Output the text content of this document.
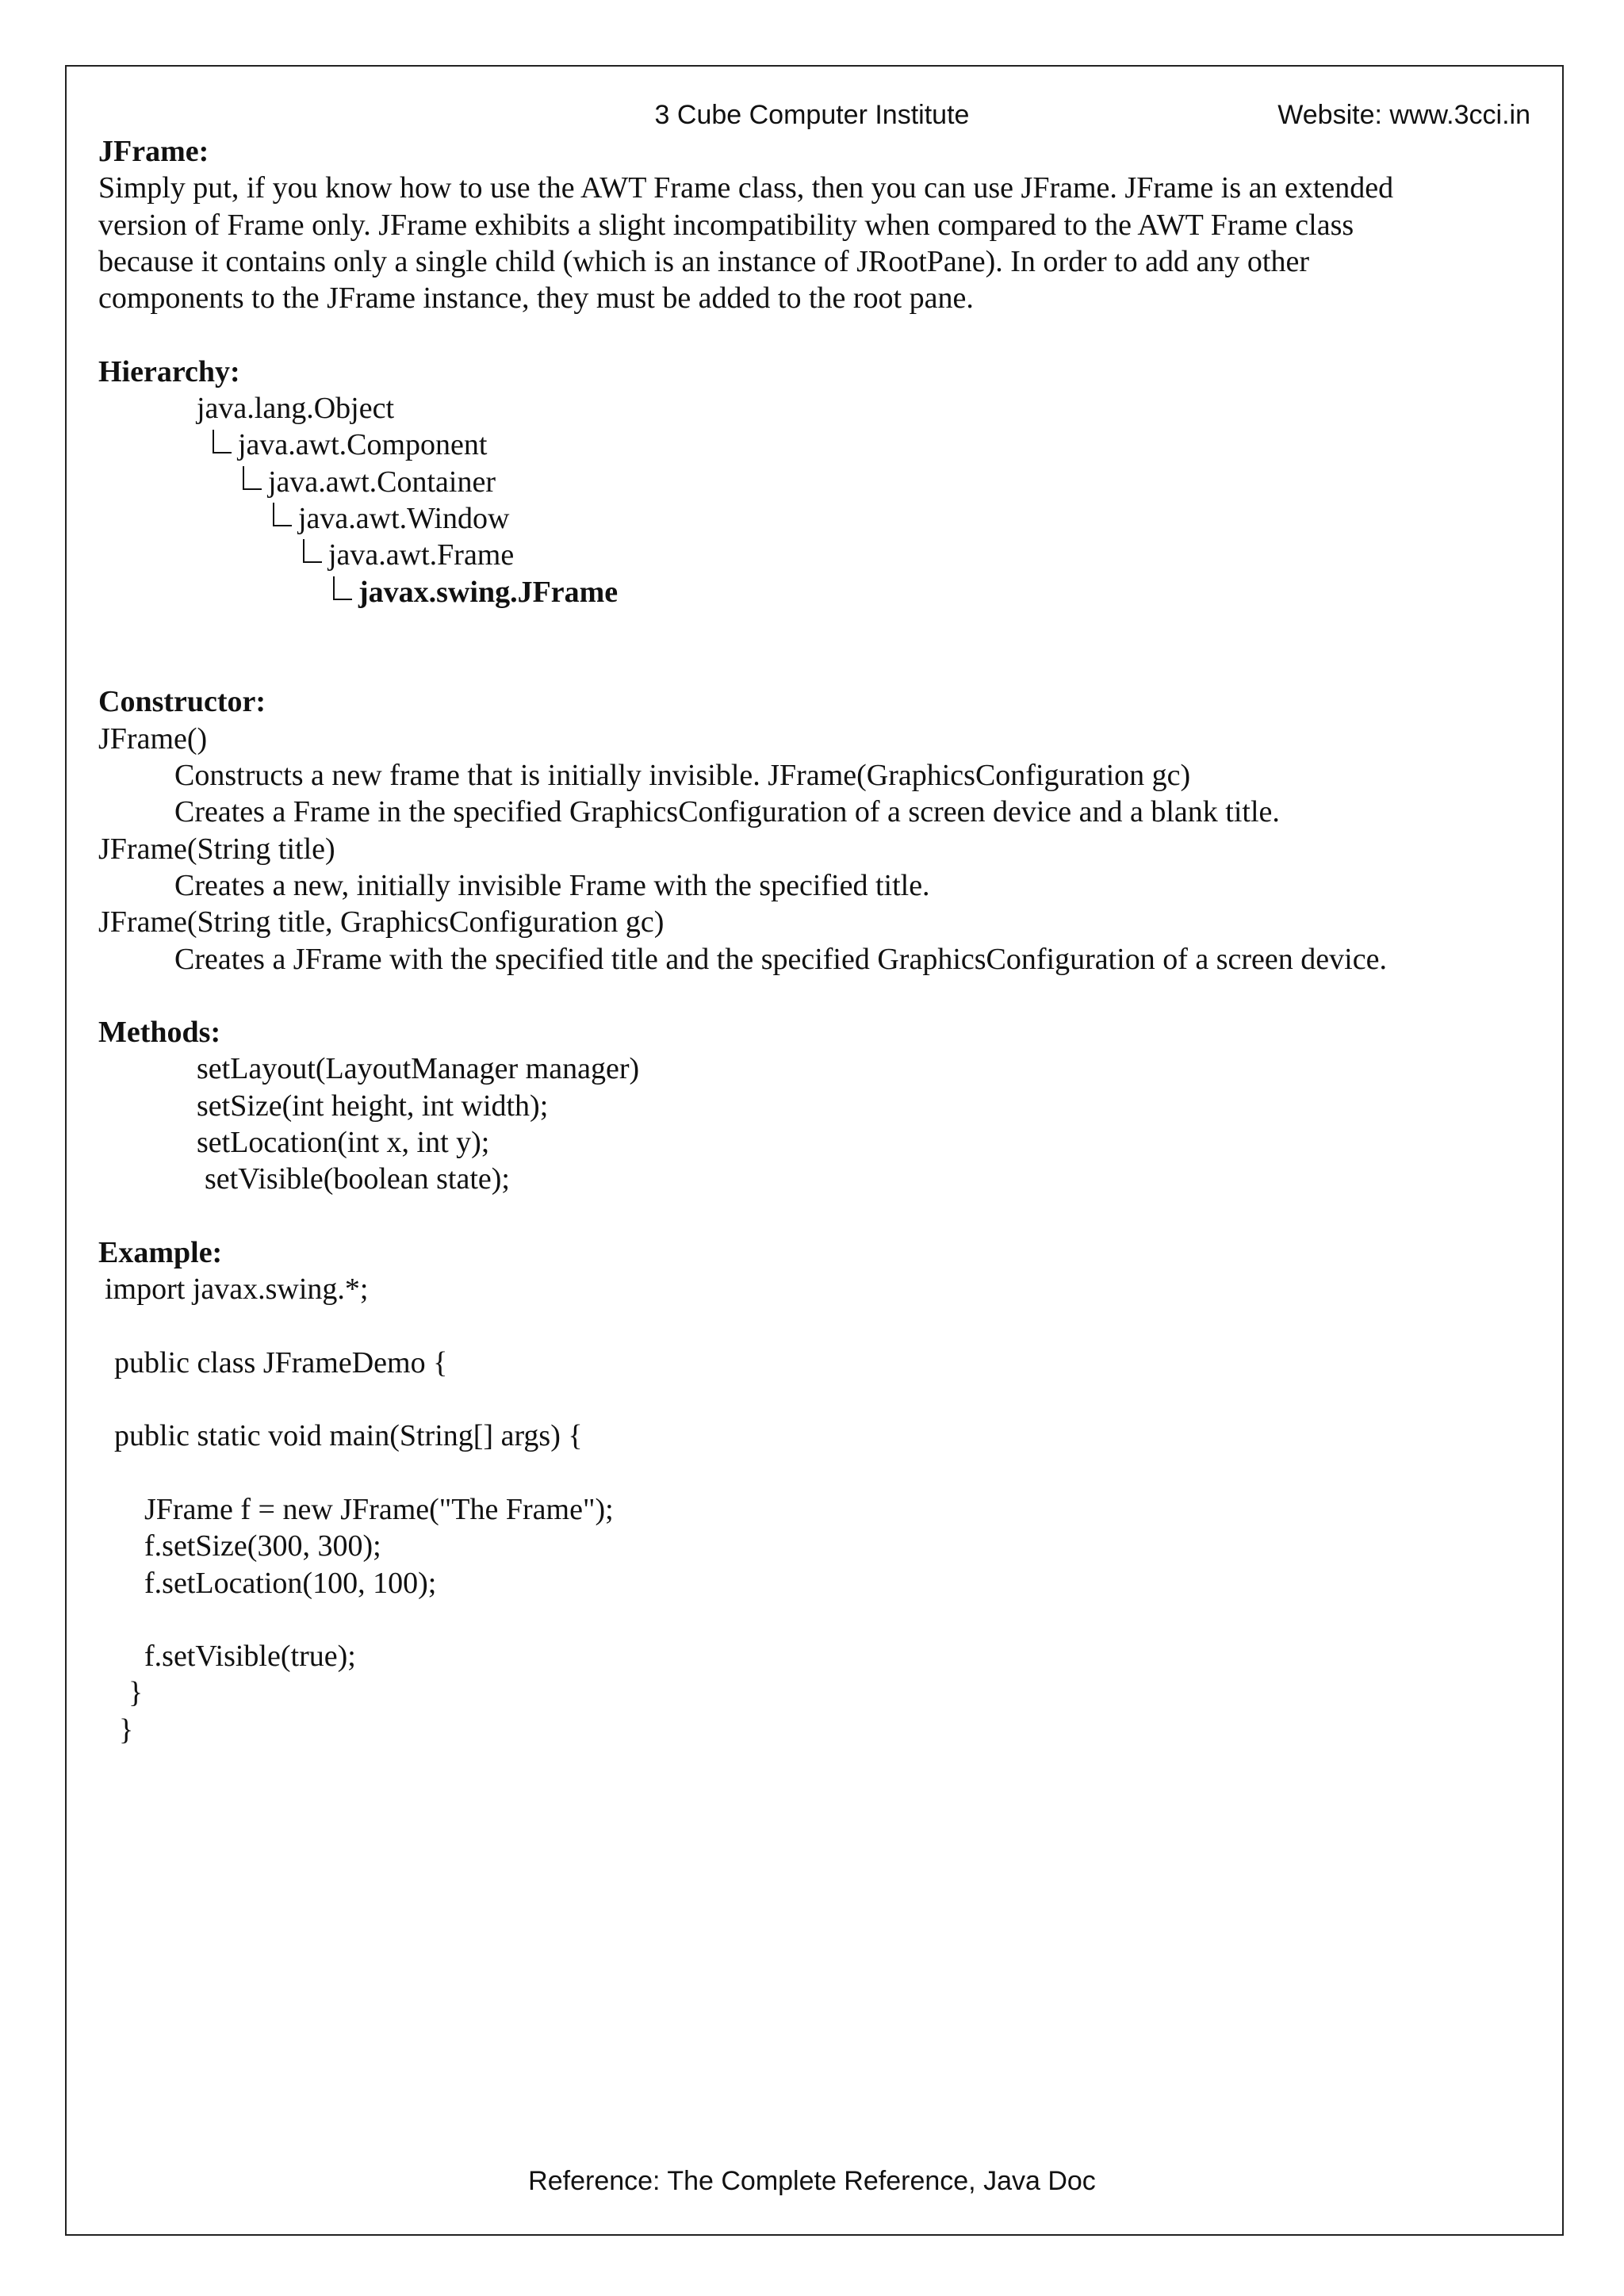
3 Cube Computer Institute	Website: www.3cci.in
JFrame:
Simply put, if you know how to use the AWT Frame class, then you can use JFrame. JFrame is an extended
version of Frame only. JFrame exhibits a slight incompatibility when compared to the AWT Frame class
because it contains only a single child (which is an instance of JRootPane). In order to add any other
components to the JFrame instance, they must be added to the root pane.
Hierarchy:
java.lang.Object
java.awt.Component
java.awt.Container
java.awt.Window
java.awt.Frame
javax.swing.JFrame
Constructor:
JFrame()
Constructs a new frame that is initially invisible. JFrame(GraphicsConfiguration gc)
Creates a Frame in the specified GraphicsConfiguration of a screen device and a blank title.
JFrame(String title)
Creates a new, initially invisible Frame with the specified title.
JFrame(String title, GraphicsConfiguration gc)
Creates a JFrame with the specified title and the specified GraphicsConfiguration of a screen device.
Methods:
setLayout(LayoutManager manager)
setSize(int height, int width);
setLocation(int x, int y);
setVisible(boolean state);
Example:
import javax.swing.*;
public class JFrameDemo {
public static void main(String[] args) {
JFrame f = new JFrame("The Frame");
f.setSize(300, 300);
f.setLocation(100, 100);
f.setVisible(true);
}
}
Reference: The Complete Reference, Java Doc
